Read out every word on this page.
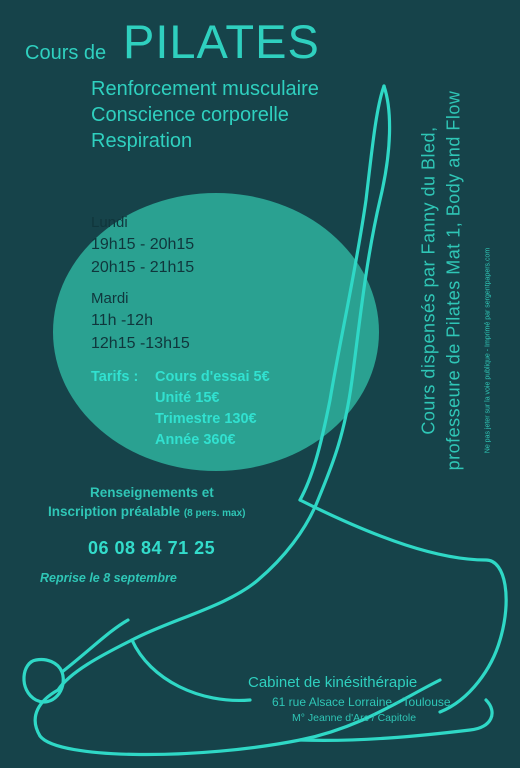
Cours de PILATES
Renforcement musculaire
Conscience corporelle
Respiration
Lundi
19h15 - 20h15
20h15 - 21h15
Mardi
11h -12h
12h15 -13h15
Tarifs : Cours d'essai 5€
Unité 15€
Trimestre 130€
Année 360€
Renseignements et
Inscription préalable (8 pers. max)
06 08 84 71 25
Reprise le 8 septembre
Cours dispensés par Fanny du Bled, professeure de Pilates Mat 1, Body and Flow	Ne pas jeter sur la voie publique - Imprimé par sergentpapers.com
Cabinet de kinésithérapie
61 rue Alsace Lorraine - Toulouse
M° Jeanne d'Arc / Capitole
